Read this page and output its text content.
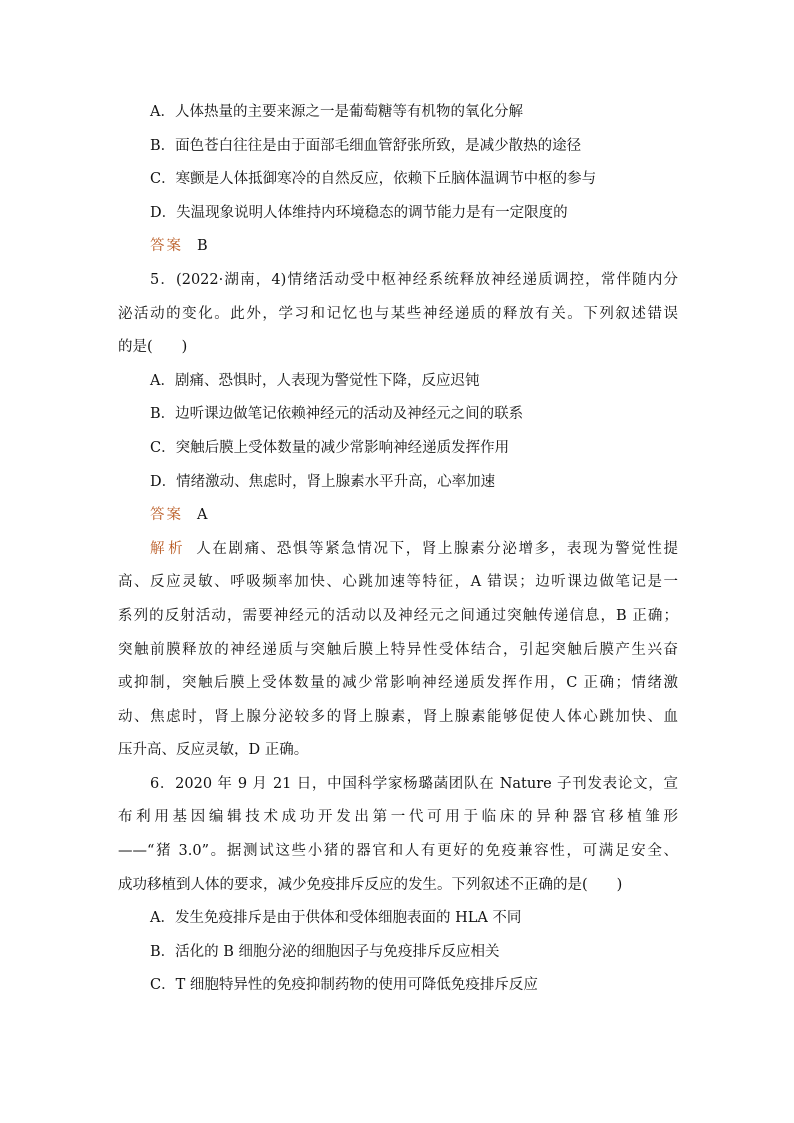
A．人体热量的主要来源之一是葡萄糖等有机物的氧化分解
B．面色苍白往往是由于面部毛细血管舒张所致，是减少散热的途径
C．寒颤是人体抵御寒冷的自然反应，依赖下丘脑体温调节中枢的参与
D．失温现象说明人体维持内环境稳态的调节能力是有一定限度的
答案 B
5．(2022·湖南，4)情绪活动受中枢神经系统释放神经递质调控，常伴随内分
泌活动的变化。此外，学习和记忆也与某些神经递质的释放有关。下列叙述错误
的是(　　)
A．剧痛、恐惧时，人表现为警觉性下降，反应迟钝
B．边听课边做笔记依赖神经元的活动及神经元之间的联系
C．突触后膜上受体数量的减少常影响神经递质发挥作用
D．情绪激动、焦虑时，肾上腺素水平升高，心率加速
答案 A
解析 人在剧痛、恐惧等紧急情况下，肾上腺素分泌增多，表现为警觉性提
高、反应灵敏、呼吸频率加快、心跳加速等特征，A 错误；边听课边做笔记是一
系列的反射活动，需要神经元的活动以及神经元之间通过突触传递信息，B 正确；
突触前膜释放的神经递质与突触后膜上特异性受体结合，引起突触后膜产生兴奋
或抑制，突触后膜上受体数量的减少常影响神经递质发挥作用，C 正确；情绪激
动、焦虑时，肾上腺分泌较多的肾上腺素，肾上腺素能够促使人体心跳加快、血
压升高、反应灵敏，D 正确。
6．2020 年 9 月 21 日，中国科学家杨璐菡团队在 Nature 子刊发表论文，宣
布利用基因编辑技术成功开发出第一代可用于临床的异种器官移植雏形
——“猪 3.0”。据测试这些小猪的器官和人有更好的免疫兼容性，可满足安全、
成功移植到人体的要求，减少免疫排斥反应的发生。下列叙述不正确的是(　　)
A．发生免疫排斥是由于供体和受体细胞表面的 HLA 不同
B．活化的 B 细胞分泌的细胞因子与免疫排斥反应相关
C．T 细胞特异性的免疫抑制药物的使用可降低免疫排斥反应
